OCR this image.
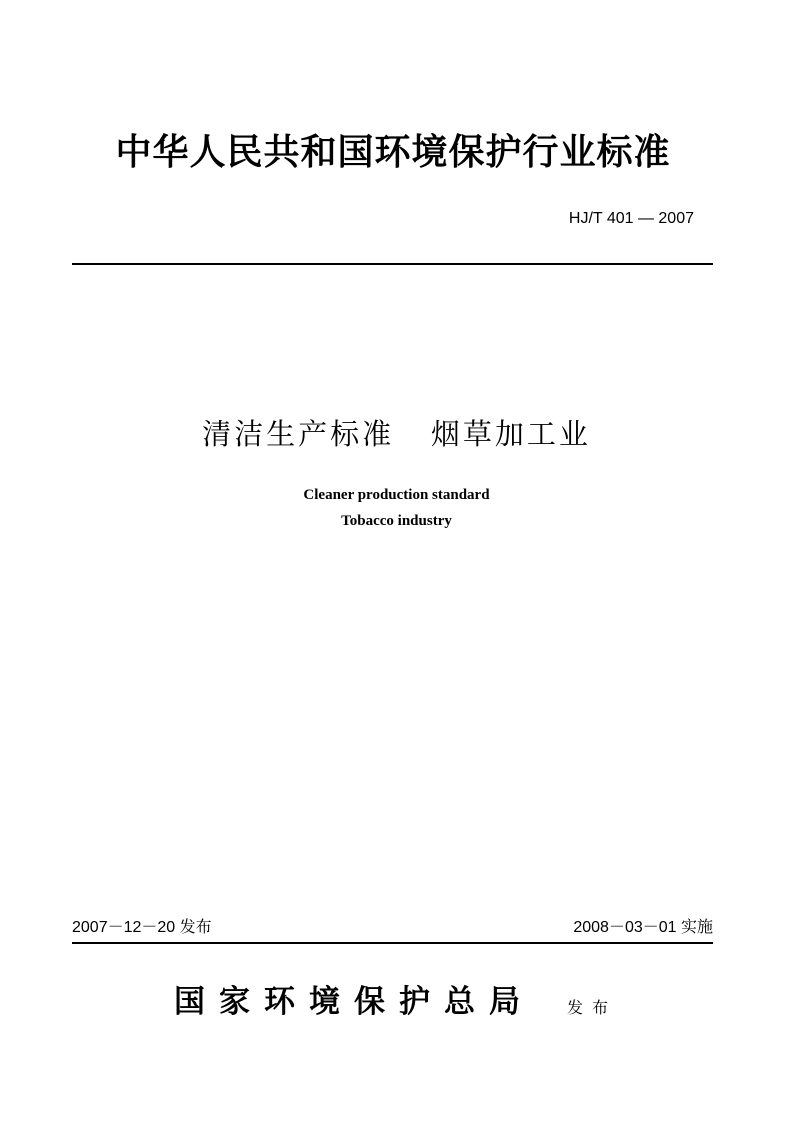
中华人民共和国环境保护行业标准
HJ/T 401 — 2007
清洁生产标准   烟草加工业
Cleaner production standard
Tobacco industry
2007－12－20 发布	2008－03－01 实施
国家环境保护总局 发布
